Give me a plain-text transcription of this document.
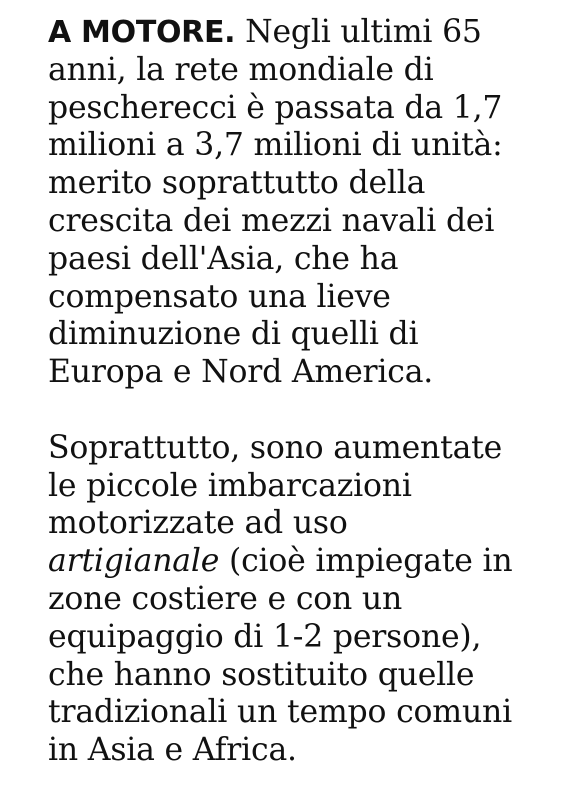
A MOTORE. Negli ultimi 65
anni, la rete mondiale di
pescherecci è passata da 1,7
milioni a 3,7 milioni di unità:
merito soprattutto della
crescita dei mezzi navali dei
paesi dell'Asia, che ha
compensato una lieve
diminuzione di quelli di
Europa e Nord America.

Soprattutto, sono aumentate
le piccole imbarcazioni
motorizzate ad uso
artigianale (cioè impiegate in
zone costiere e con un
equipaggio di 1-2 persone),
che hanno sostituito quelle
tradizionali un tempo comuni
in Asia e Africa.
